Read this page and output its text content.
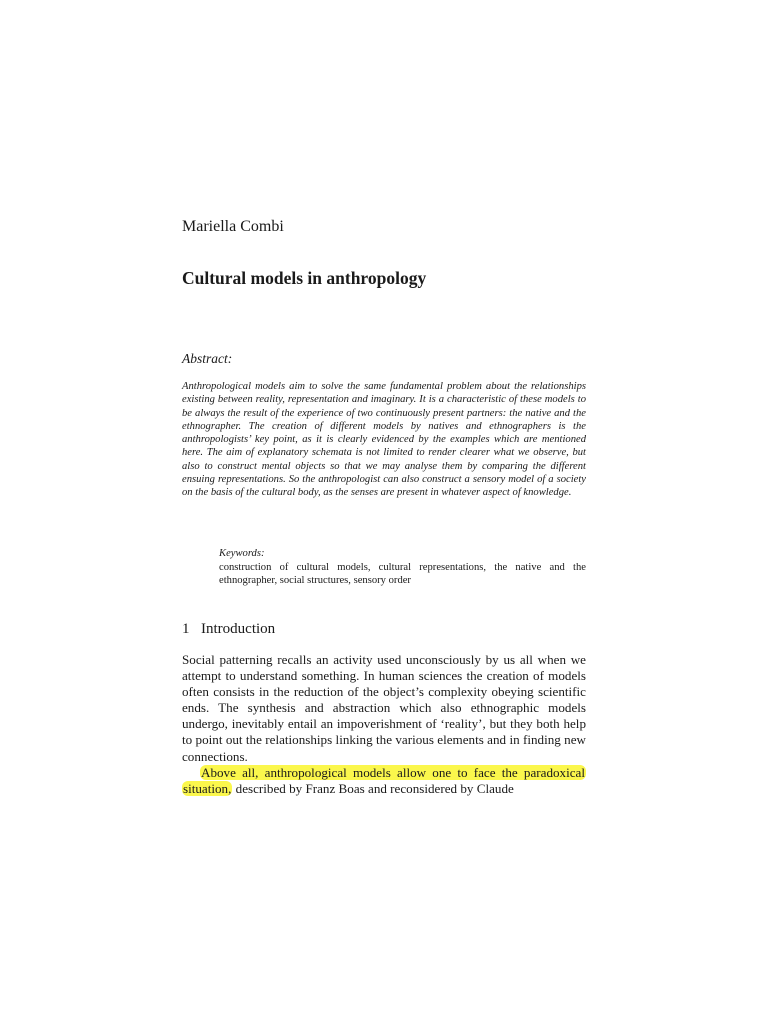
Mariella Combi
Cultural models in anthropology
Abstract:
Anthropological models aim to solve the same fundamental problem about the relationships existing between reality, representation and imaginary. It is a characteristic of these models to be always the result of the experience of two continuously present partners: the native and the ethnographer. The creation of different models by natives and ethnographers is the anthropologists’ key point, as it is clearly evidenced by the examples which are mentioned here. The aim of explanatory schemata is not limited to render clearer what we observe, but also to construct mental objects so that we may analyse them by comparing the different ensuing representations. So the anthropologist can also construct a sensory model of a society on the basis of the cultural body, as the senses are present in whatever aspect of knowledge.
Keywords:
construction of cultural models, cultural representations, the native and the ethnographer, social structures, sensory order
1 Introduction

Social patterning recalls an activity used unconsciously by us all when we attempt to understand something. In human sciences the creation of models often consists in the reduction of the object’s complexity obeying scientific ends. The synthesis and abstraction which also ethnographic models undergo, inevitably entail an impoverishment of ‘reality’, but they both help to point out the relationships linking the various elements and in finding new connections.

Above all, anthropological models allow one to face the paradoxical situation, described by Franz Boas and reconsidered by Claude
